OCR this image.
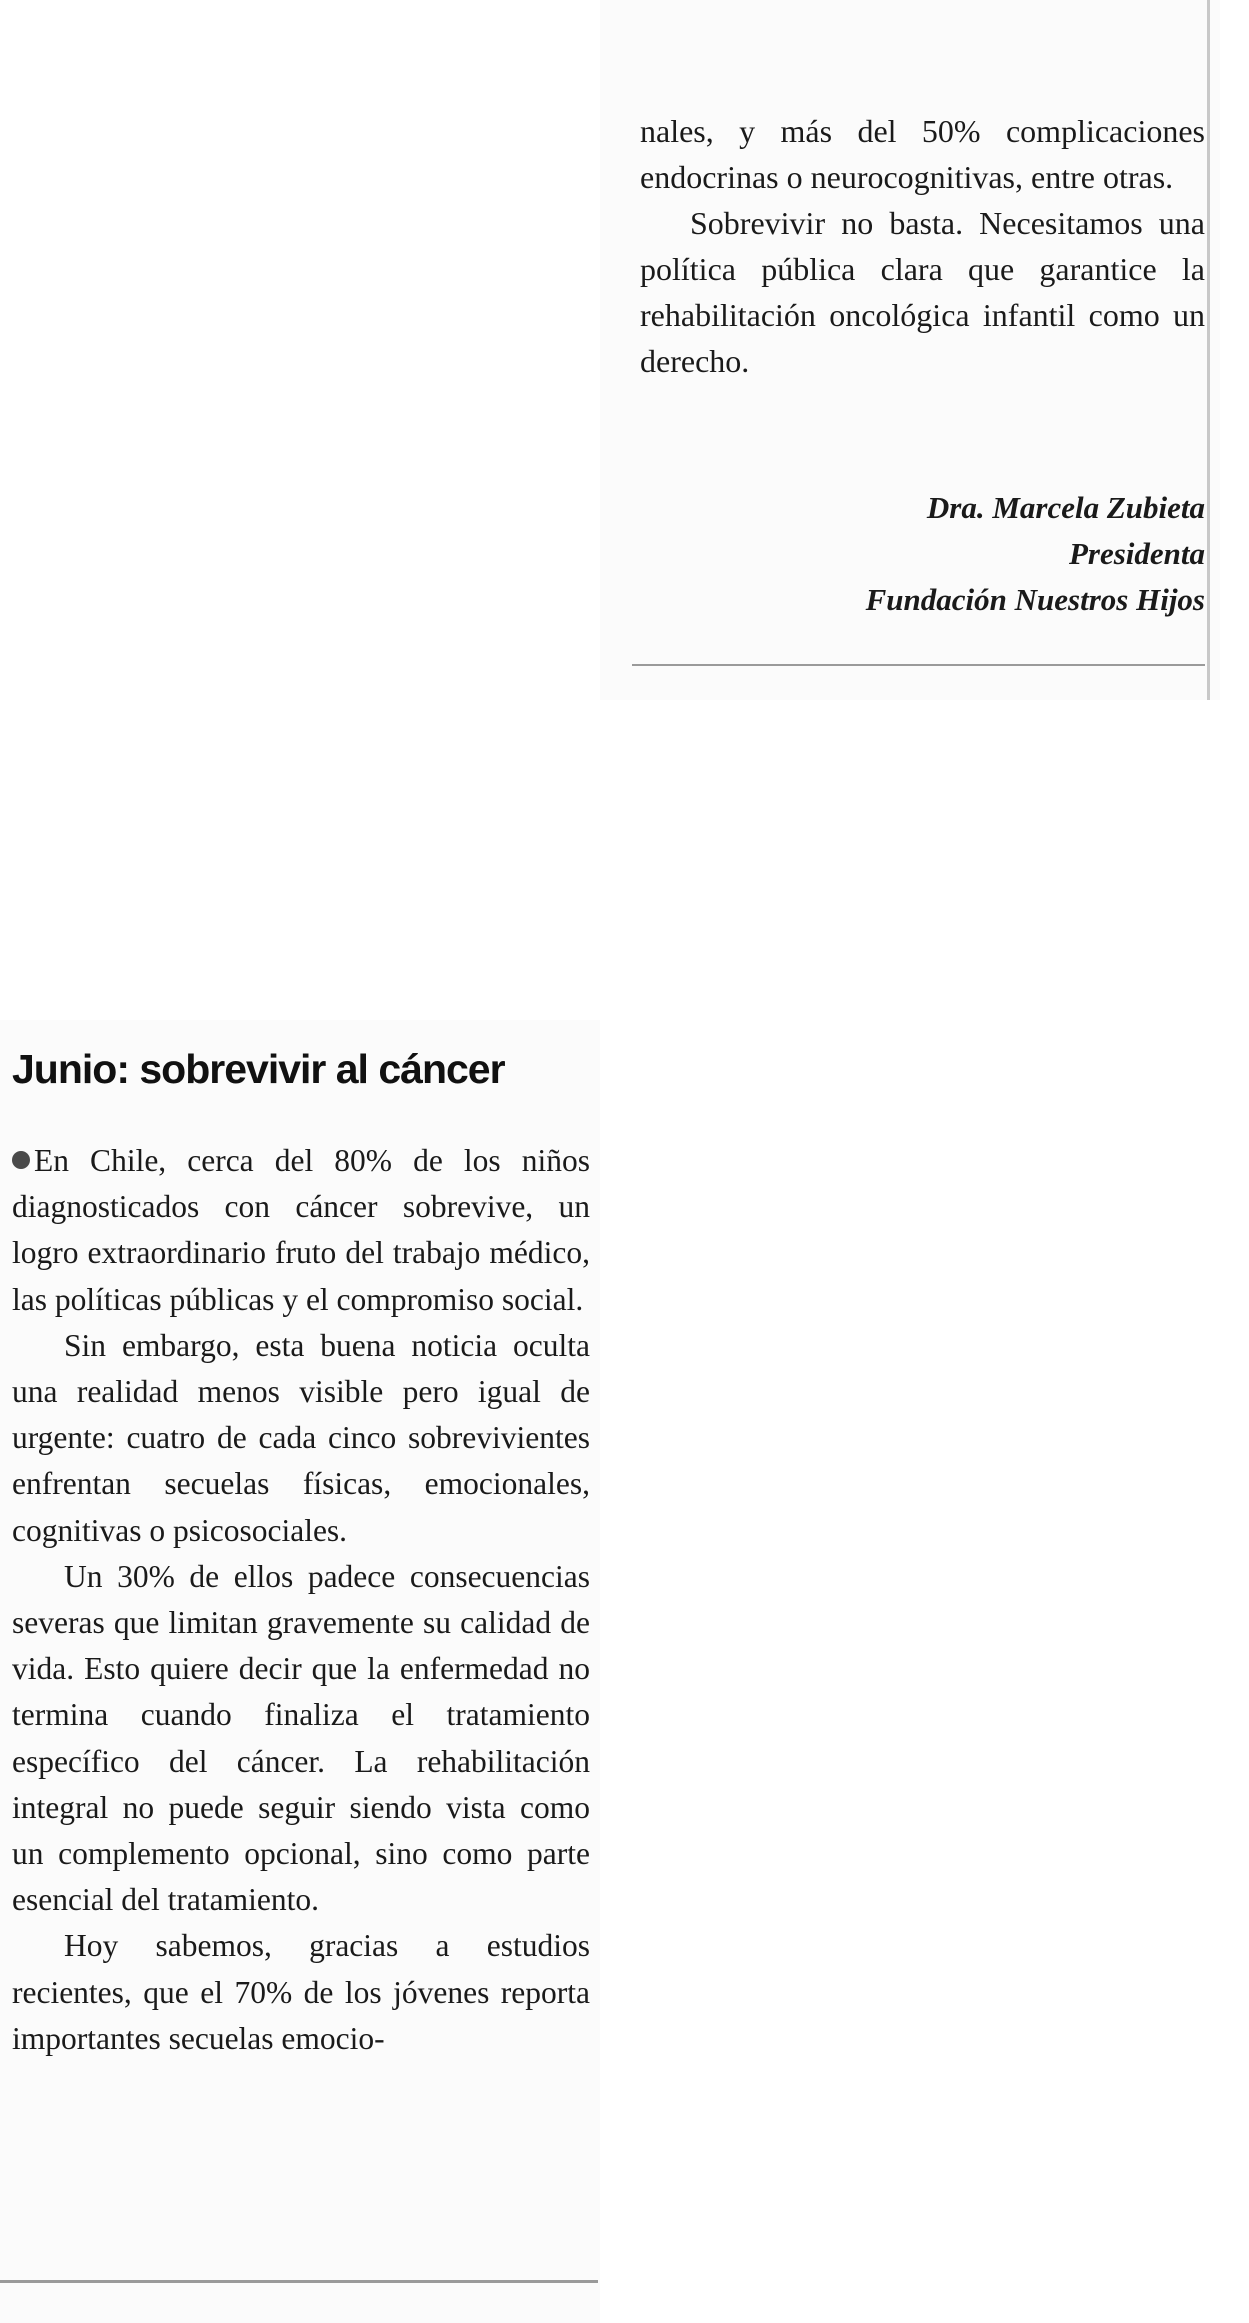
nales, y más del 50% complicaciones endocrinas o neurocognitivas, entre otras.

Sobrevivir no basta. Necesitamos una política pública clara que garantice la rehabilitación oncológica infantil como un derecho.

Dra. Marcela Zubieta
Presidenta
Fundación Nuestros Hijos
Junio: sobrevivir al cáncer

En Chile, cerca del 80% de los niños diagnosticados con cáncer sobrevive, un logro extraordinario fruto del trabajo médico, las políticas públicas y el compromiso social.

Sin embargo, esta buena noticia oculta una realidad menos visible pero igual de urgente: cuatro de cada cinco sobrevivientes enfrentan secuelas físicas, emocionales, cognitivas o psicosociales.

Un 30% de ellos padece consecuencias severas que limitan gravemente su calidad de vida. Esto quiere decir que la enfermedad no termina cuando finaliza el tratamiento específico del cáncer. La rehabilitación integral no puede seguir siendo vista como un complemento opcional, sino como parte esencial del tratamiento.

Hoy sabemos, gracias a estudios recientes, que el 70% de los jóvenes reporta importantes secuelas emocio-
